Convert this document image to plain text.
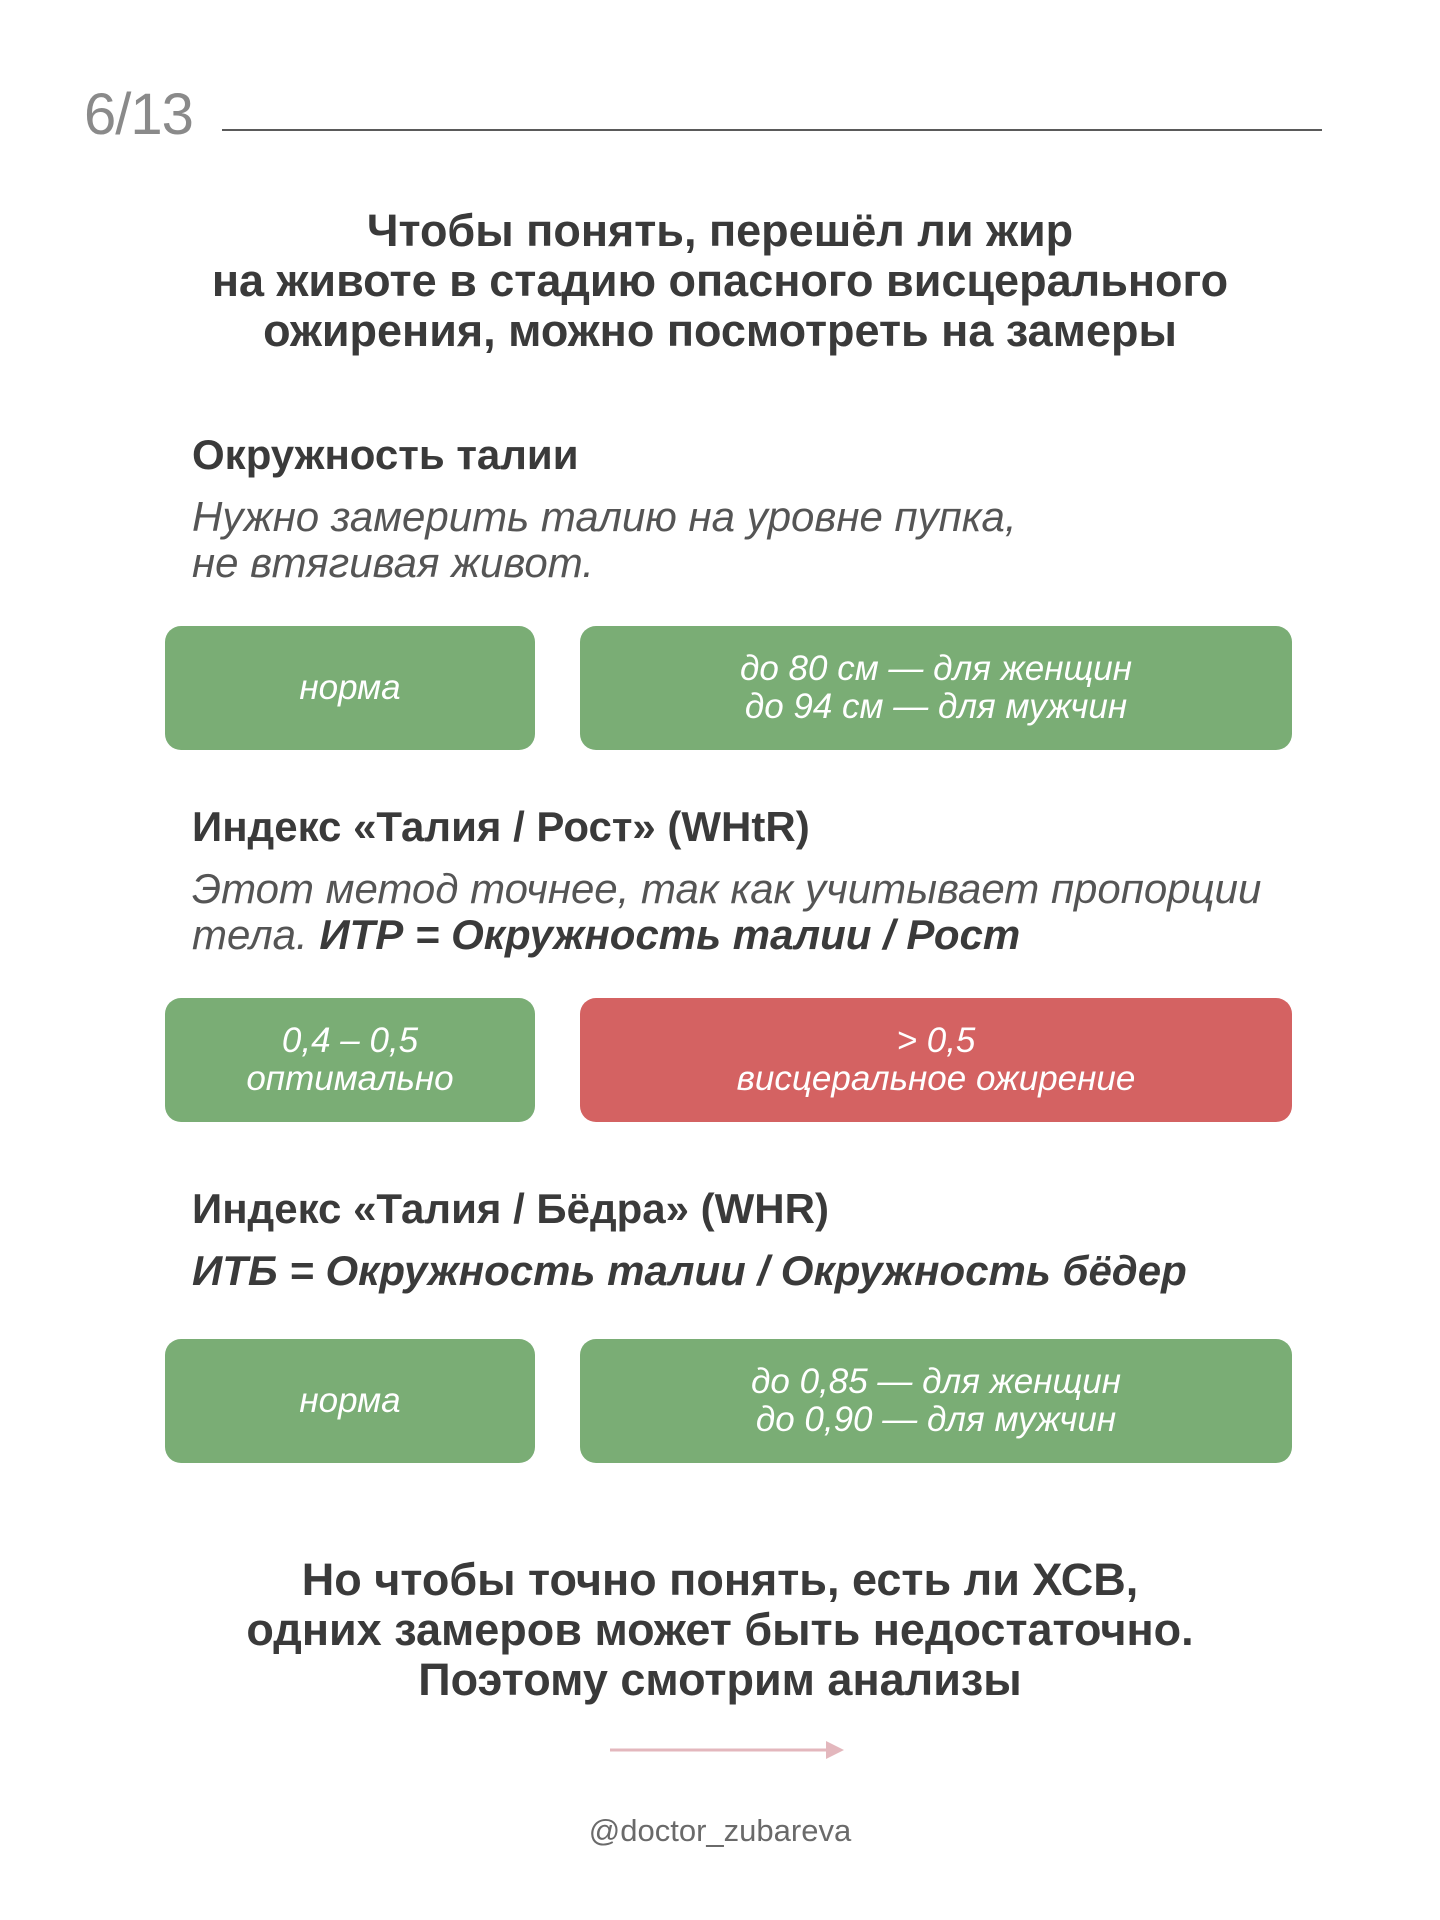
6/13
Чтобы понять, перешёл ли жир
на животе в стадию опасного висцерального
ожирения, можно посмотреть на замеры
Окружность талии
Нужно замерить талию на уровне пупка,
не втягивая живот.
норма	до 80 см — для женщин
до 94 см — для мужчин
Индекс «Талия / Рост» (WHtR)
Этот метод точнее, так как учитывает пропорции
тела. ИТР = Окружность талии / Рост
0,4 – 0,5
оптимально
> 0,5
висцеральное ожирение
Индекс «Талия / Бёдра» (WHR)
ИТБ = Окружность талии / Окружность бёдер
норма	до 0,85 — для женщин
до 0,90 — для мужчин
Но чтобы точно понять, есть ли ХСВ,
одних замеров может быть недостаточно.
Поэтому смотрим анализы
@doctor_zubareva
